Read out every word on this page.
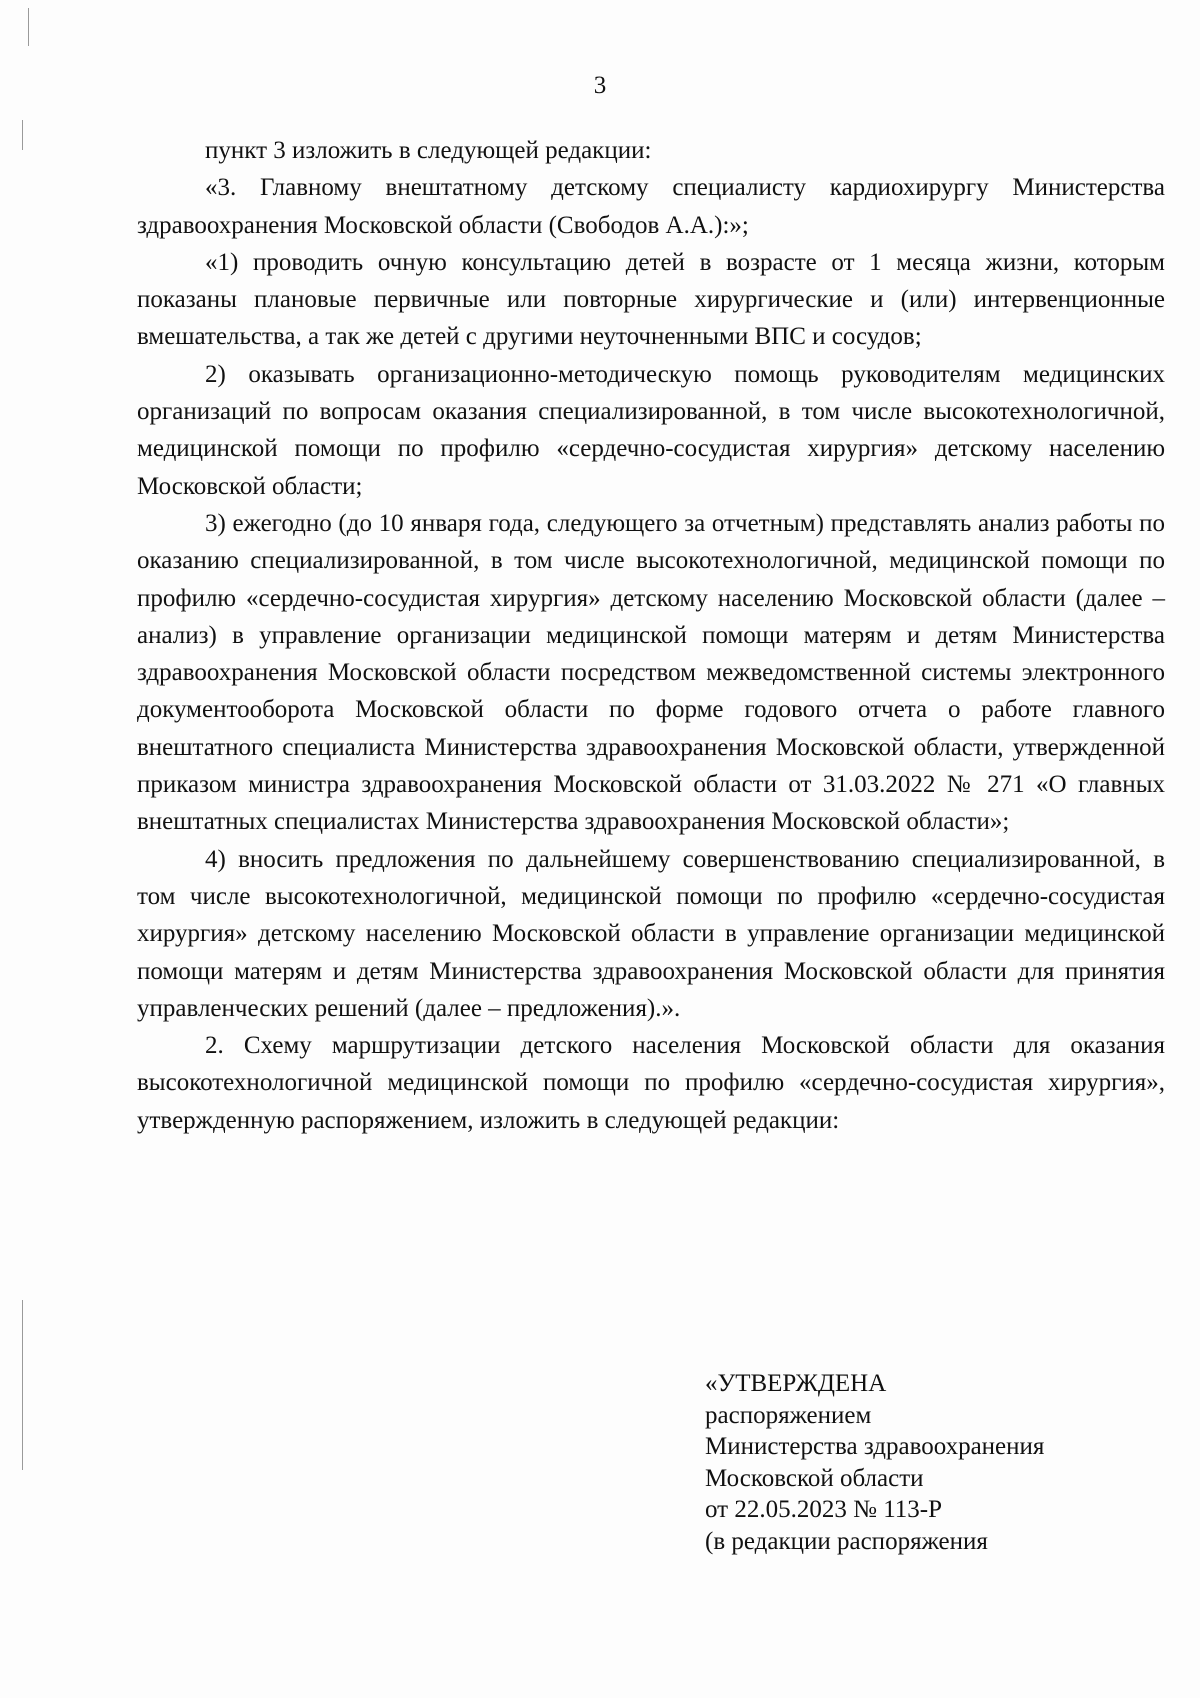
3

пункт 3 изложить в следующей редакции:

«3. Главному внештатному детскому специалисту кардиохирургу Министерства здравоохранения Московской области (Свободов А.А.):»;

«1) проводить очную консультацию детей в возрасте от 1 месяца жизни, которым показаны плановые первичные или повторные хирургические и (или) интервенционные вмешательства, а так же детей с другими неуточненными ВПС и сосудов;

2) оказывать организационно-методическую помощь руководителям медицинских организаций по вопросам оказания специализированной, в том числе высокотехнологичной, медицинской помощи по профилю «сердечно-сосудистая хирургия» детскому населению Московской области;

3) ежегодно (до 10 января года, следующего за отчетным) представлять анализ работы по оказанию специализированной, в том числе высокотехнологичной, медицинской помощи по профилю «сердечно-сосудистая хирургия» детскому населению Московской области (далее – анализ) в управление организации медицинской помощи матерям и детям Министерства здравоохранения Московской области посредством межведомственной системы электронного документооборота Московской области по форме годового отчета о работе главного внештатного специалиста Министерства здравоохранения Московской области, утвержденной приказом министра здравоохранения Московской области от 31.03.2022 № 271 «О главных внештатных специалистах Министерства здравоохранения Московской области»;

4) вносить предложения по дальнейшему совершенствованию специализированной, в том числе высокотехнологичной, медицинской помощи по профилю «сердечно-сосудистая хирургия» детскому населению Московской области в управление организации медицинской помощи матерям и детям Министерства здравоохранения Московской области для принятия управленческих решений (далее – предложения).».

2. Схему маршрутизации детского населения Московской области для оказания высокотехнологичной медицинской помощи по профилю «сердечно-сосудистая хирургия», утвержденную распоряжением, изложить в следующей редакции:

«УТВЕРЖДЕНА
распоряжением
Министерства здравоохранения
Московской области
от 22.05.2023 № 113-Р
(в редакции распоряжения
